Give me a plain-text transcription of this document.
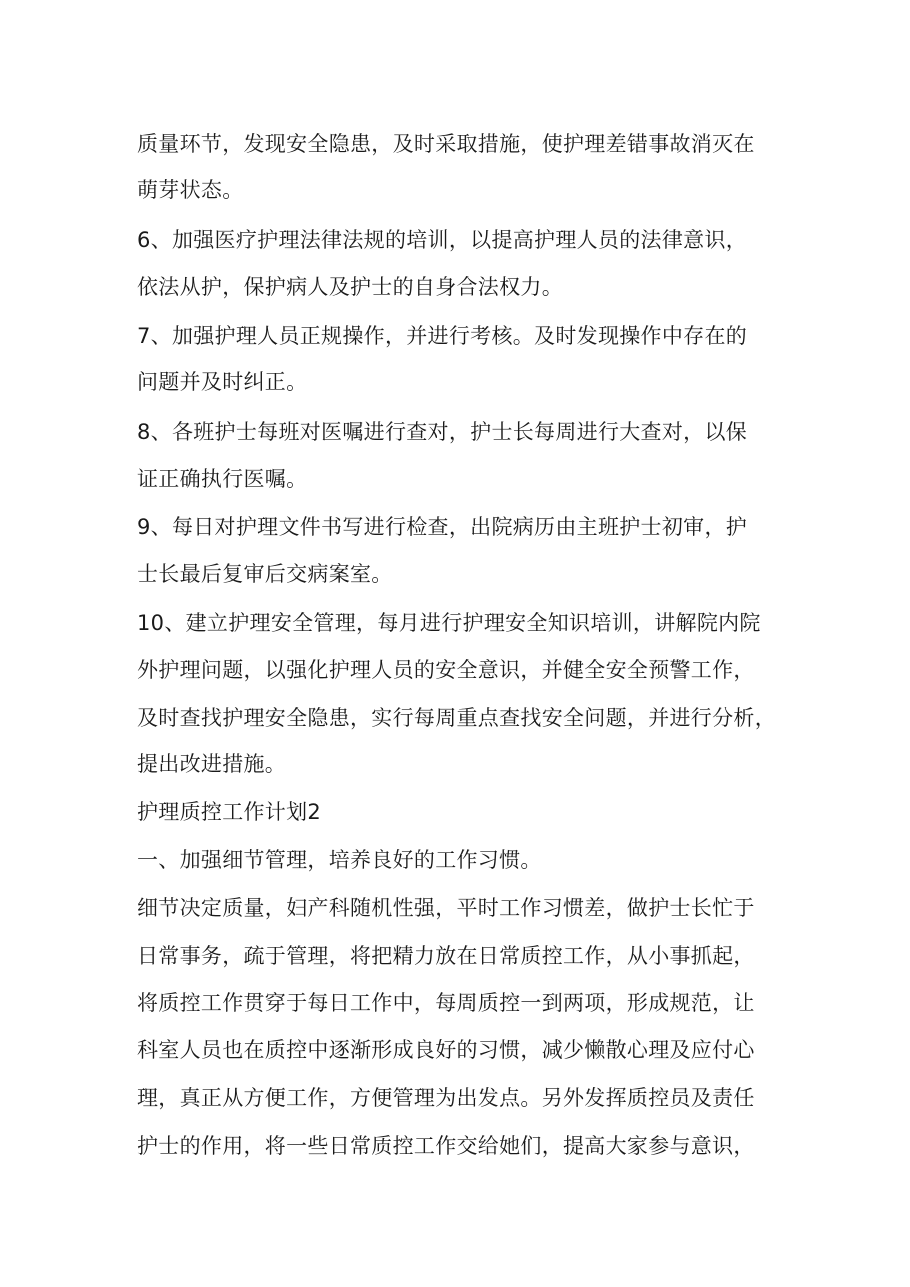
质量环节，发现安全隐患，及时采取措施，使护理差错事故消灭在
萌芽状态。
6、加强医疗护理法律法规的培训，以提高护理人员的法律意识，
依法从护，保护病人及护士的自身合法权力。
7、加强护理人员正规操作，并进行考核。及时发现操作中存在的
问题并及时纠正。
8、各班护士每班对医嘱进行查对，护士长每周进行大查对，以保
证正确执行医嘱。
9、每日对护理文件书写进行检查，出院病历由主班护士初审，护
士长最后复审后交病案室。
10、建立护理安全管理，每月进行护理安全知识培训，讲解院内院
外护理问题，以强化护理人员的安全意识，并健全安全预警工作，
及时查找护理安全隐患，实行每周重点查找安全问题，并进行分析，
提出改进措施。
护理质控工作计划2
一、加强细节管理，培养良好的工作习惯。
细节决定质量，妇产科随机性强，平时工作习惯差，做护士长忙于
日常事务，疏于管理，将把精力放在日常质控工作，从小事抓起，
将质控工作贯穿于每日工作中，每周质控一到两项，形成规范，让
科室人员也在质控中逐渐形成良好的习惯，减少懒散心理及应付心
理，真正从方便工作，方便管理为出发点。另外发挥质控员及责任
护士的作用，将一些日常质控工作交给她们，提高大家参与意识，
